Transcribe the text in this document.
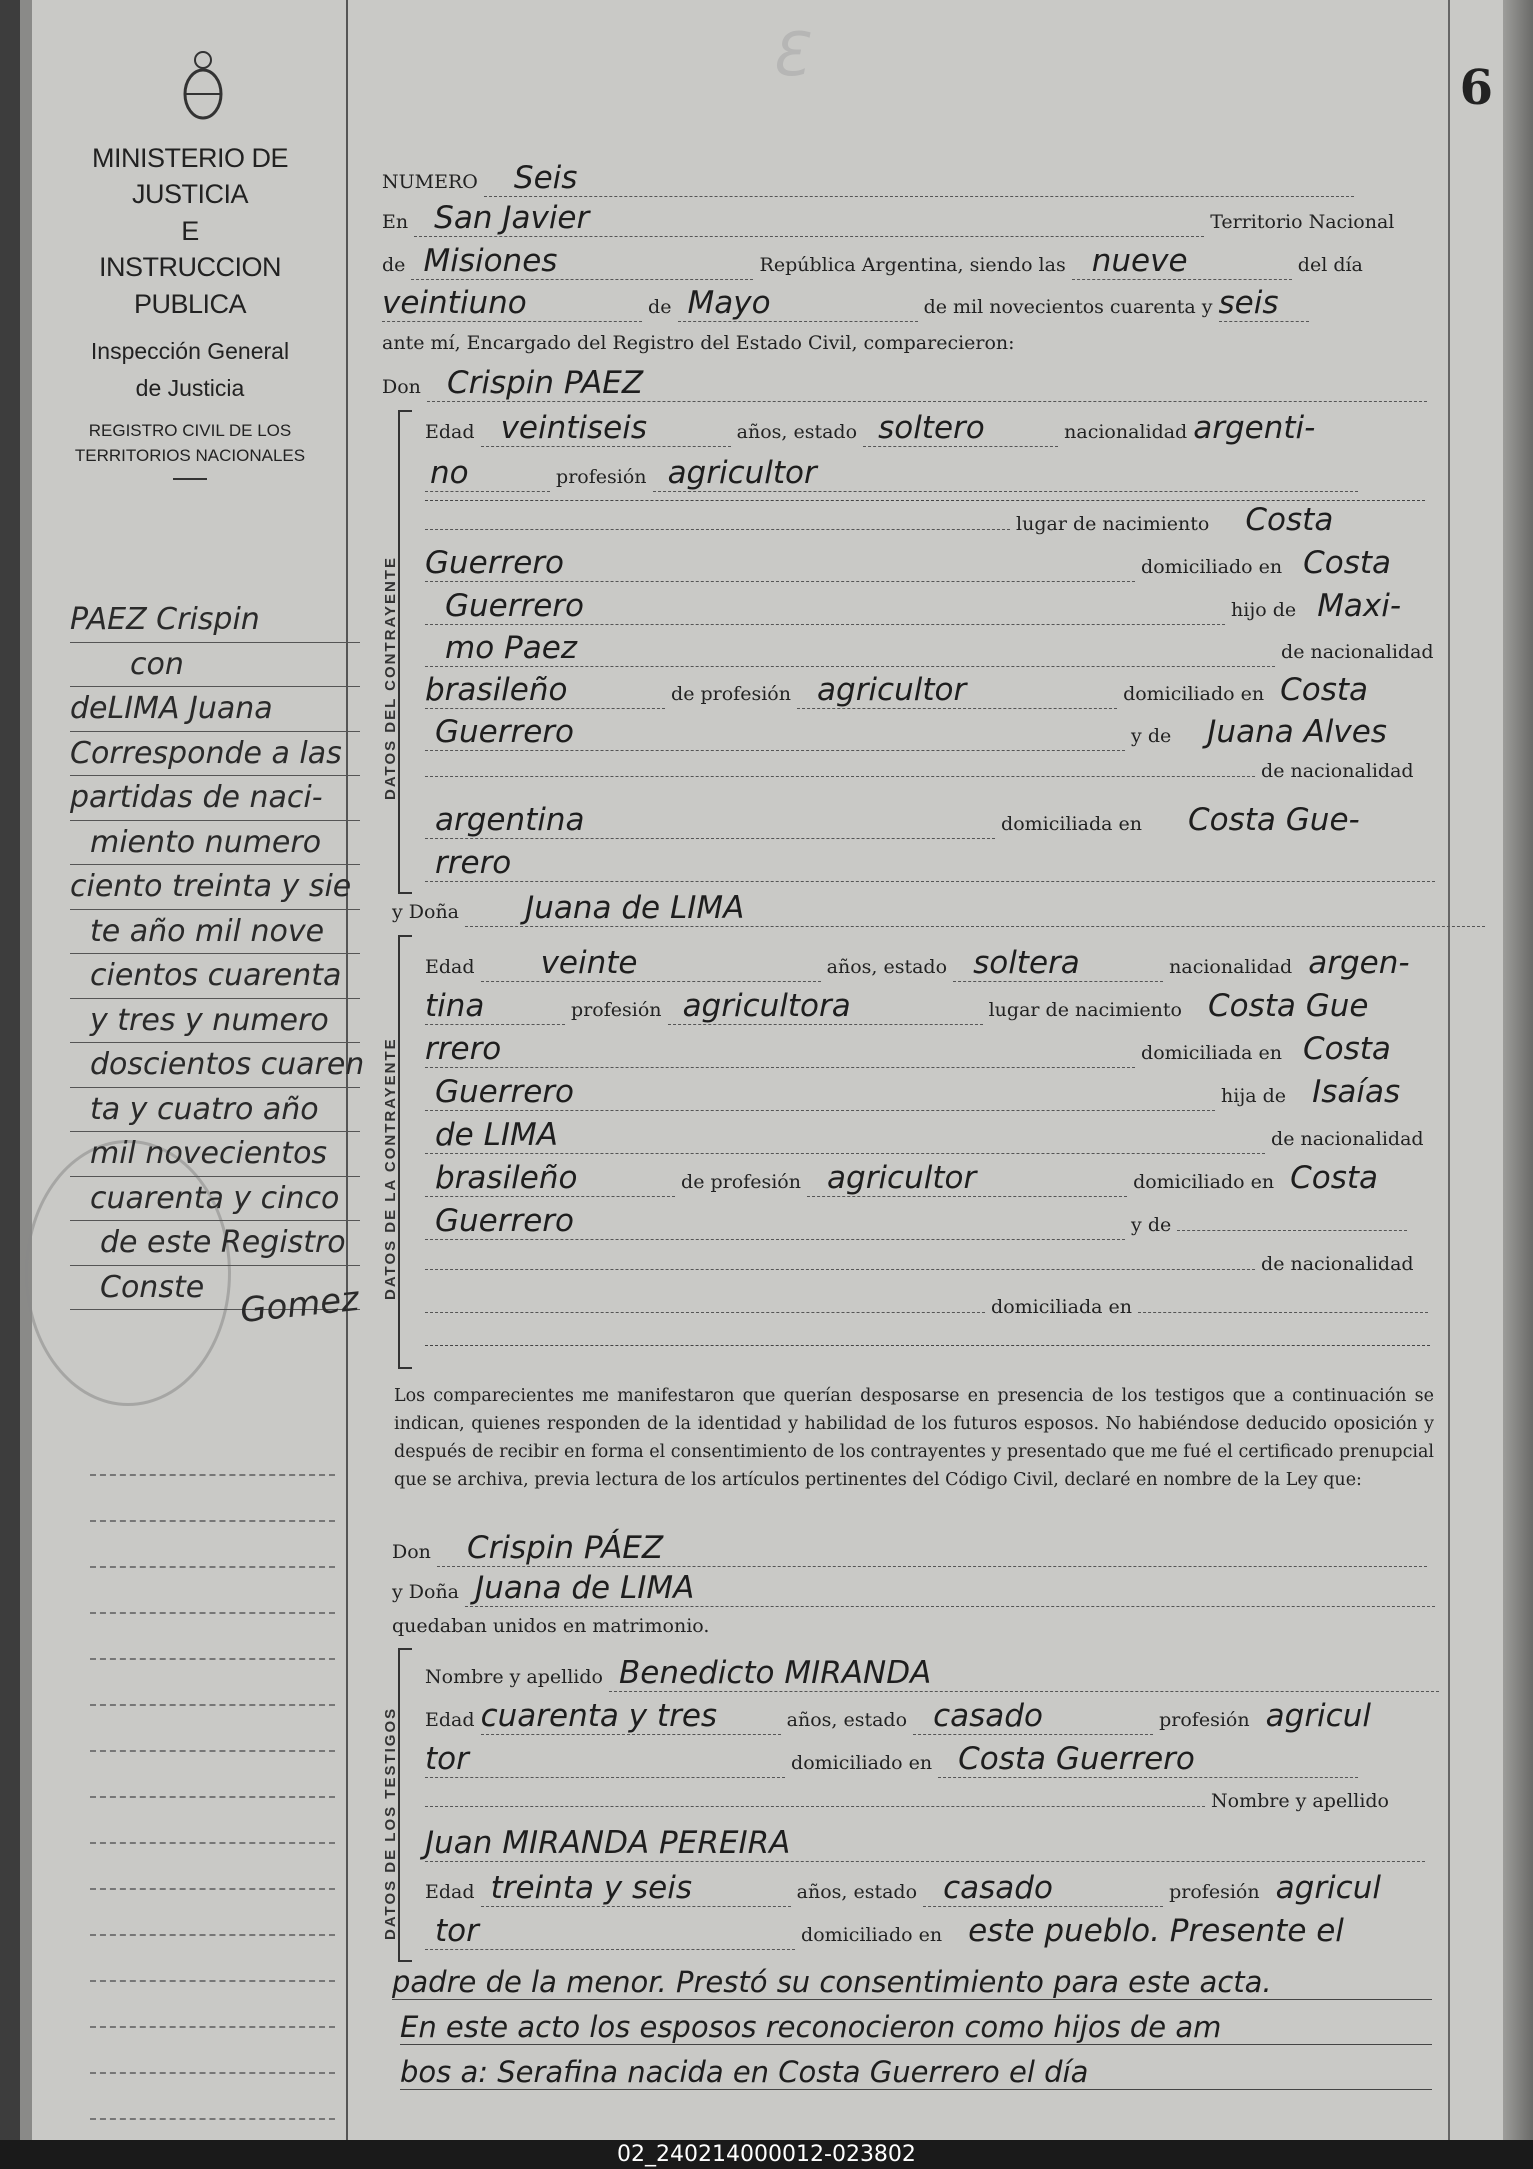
Ɛ	6
MINISTERIO DE JUSTICIA
E
INSTRUCCION PUBLICA
Inspección General
de Justicia
REGISTRO CIVIL DE LOS
TERRITORIOS NACIONALES
PAEZ Crispin
con
deLIMA Juana
Corresponde a las
partidas de naci-
miento numero
ciento treinta y sie
te año mil nove
cientos cuarenta
y tres y numero
doscientos cuaren
ta y cuatro año
mil novecientos
cuarenta y cinco
de este Registro
Conste	Gomez
NUMERO Seis
En San Javier	Territorio Nacional
de Misiones	República Argentina, siendo las nueve	del día
veintiuno	de Mayo	de mil novecientos cuarenta y seis
ante mí, Encargado del Registro del Estado Civil, comparecieron:
Don Crispin PAEZ
DATOS DEL CONTRAYENTE
Edad veintiseis	años, estado soltero	nacionalidad argenti-
no	profesión agricultor
lugar de nacimiento Costa
Guerrero	domiciliado en Costa
Guerrero	hijo de Maxi-
mo Paez	de nacionalidad
brasileño	de profesión agricultor	domiciliado en Costa
Guerrero	y de Juana Alves
de nacionalidad
argentina	domiciliada en Costa Gue-
rrero
y Doña Juana de LIMA
DATOS DE LA CONTRAYENTE
Edad veinte	años, estado soltera	nacionalidad argen-
tina	profesión agricultora	lugar de nacimiento Costa Gue
rrero	domiciliada en Costa
Guerrero	hija de Isaías
de LIMA	de nacionalidad
brasileño	de profesión agricultor	domiciliado en Costa
Guerrero	y de
de nacionalidad
domiciliada en
Los comparecientes me manifestaron que querían desposarse en presencia de los testigos que a continuación se indican, quienes responden de la identidad y habilidad de los futuros esposos. No habiéndose deducido oposición y después de recibir en forma el consentimiento de los contrayentes y presentado que me fué el certificado prenupcial que se archiva, previa lectura de los artículos pertinentes del Código Civil, declaré en nombre de la Ley que:
Don Crispin PÁEZ
y Doña Juana de LIMA
quedaban unidos en matrimonio.
DATOS DE LOS TESTIGOS
Nombre y apellido Benedicto MIRANDA
Edad cuarenta y tres	años, estado casado	profesión agricul
tor	domiciliado en Costa Guerrero
Nombre y apellido
Juan MIRANDA PEREIRA
Edad treinta y seis	años, estado casado	profesión agricul
tor	domiciliado en este pueblo. Presente el
padre de la menor. Prestó su consentimiento para este acta.
En este acto los esposos reconocieron como hijos de am
bos a: Serafina nacida en Costa Guerrero el día
02_240214000012-023802
